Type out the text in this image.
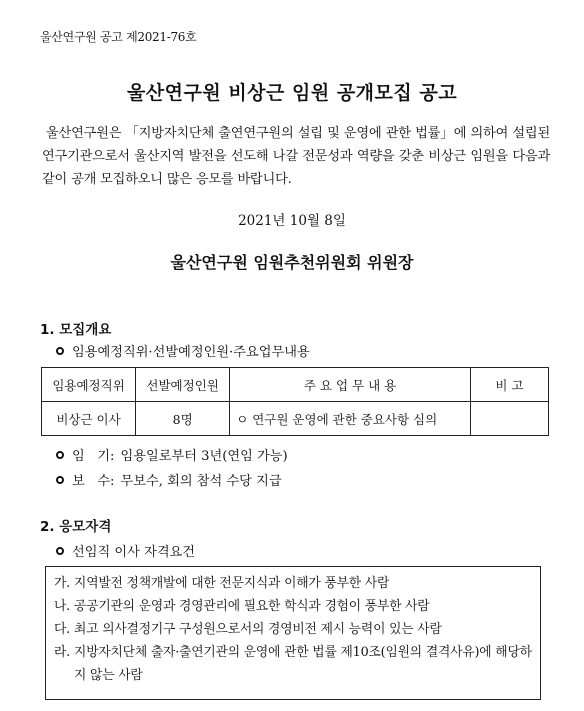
울산연구원 공고 제2021-76호
울산연구원 비상근 임원 공개모집 공고
울산연구원은 「지방자치단체 출연연구원의 설립 및 운영에 관한 법률」에 의하여 설립된 연구기관으로서 울산지역 발전을 선도해 나갈 전문성과 역량을 갖춘 비상근 임원을 다음과 같이 공개 모집하오니 많은 응모를 바랍니다.
2021년 10월 8일
울산연구원 임원추천위원회 위원장
1. 모집개요
임용예정직위·선발예정인원·주요업무내용
임용예정직위	선발예정인원	주 요 업 무 내 용	비 고
비상근 이사	8명	ㅇ 연구원 운영에 관한 중요사항 심의	
임   기: 임용일로부터 3년(연임 가능)
보   수: 무보수, 회의 참석 수당 지급
2. 응모자격
선임직 이사 자격요건
가. 지역발전 정책개발에 대한 전문지식과 이해가 풍부한 사람
나. 공공기관의 운영과 경영관리에 필요한 학식과 경험이 풍부한 사람
다. 최고 의사결정기구 구성원으로서의 경영비전 제시 능력이 있는 사람
라. 지방자치단체 출자·출연기관의 운영에 관한 법률 제10조(임원의 결격사유)에 해당하지 않는 사람
